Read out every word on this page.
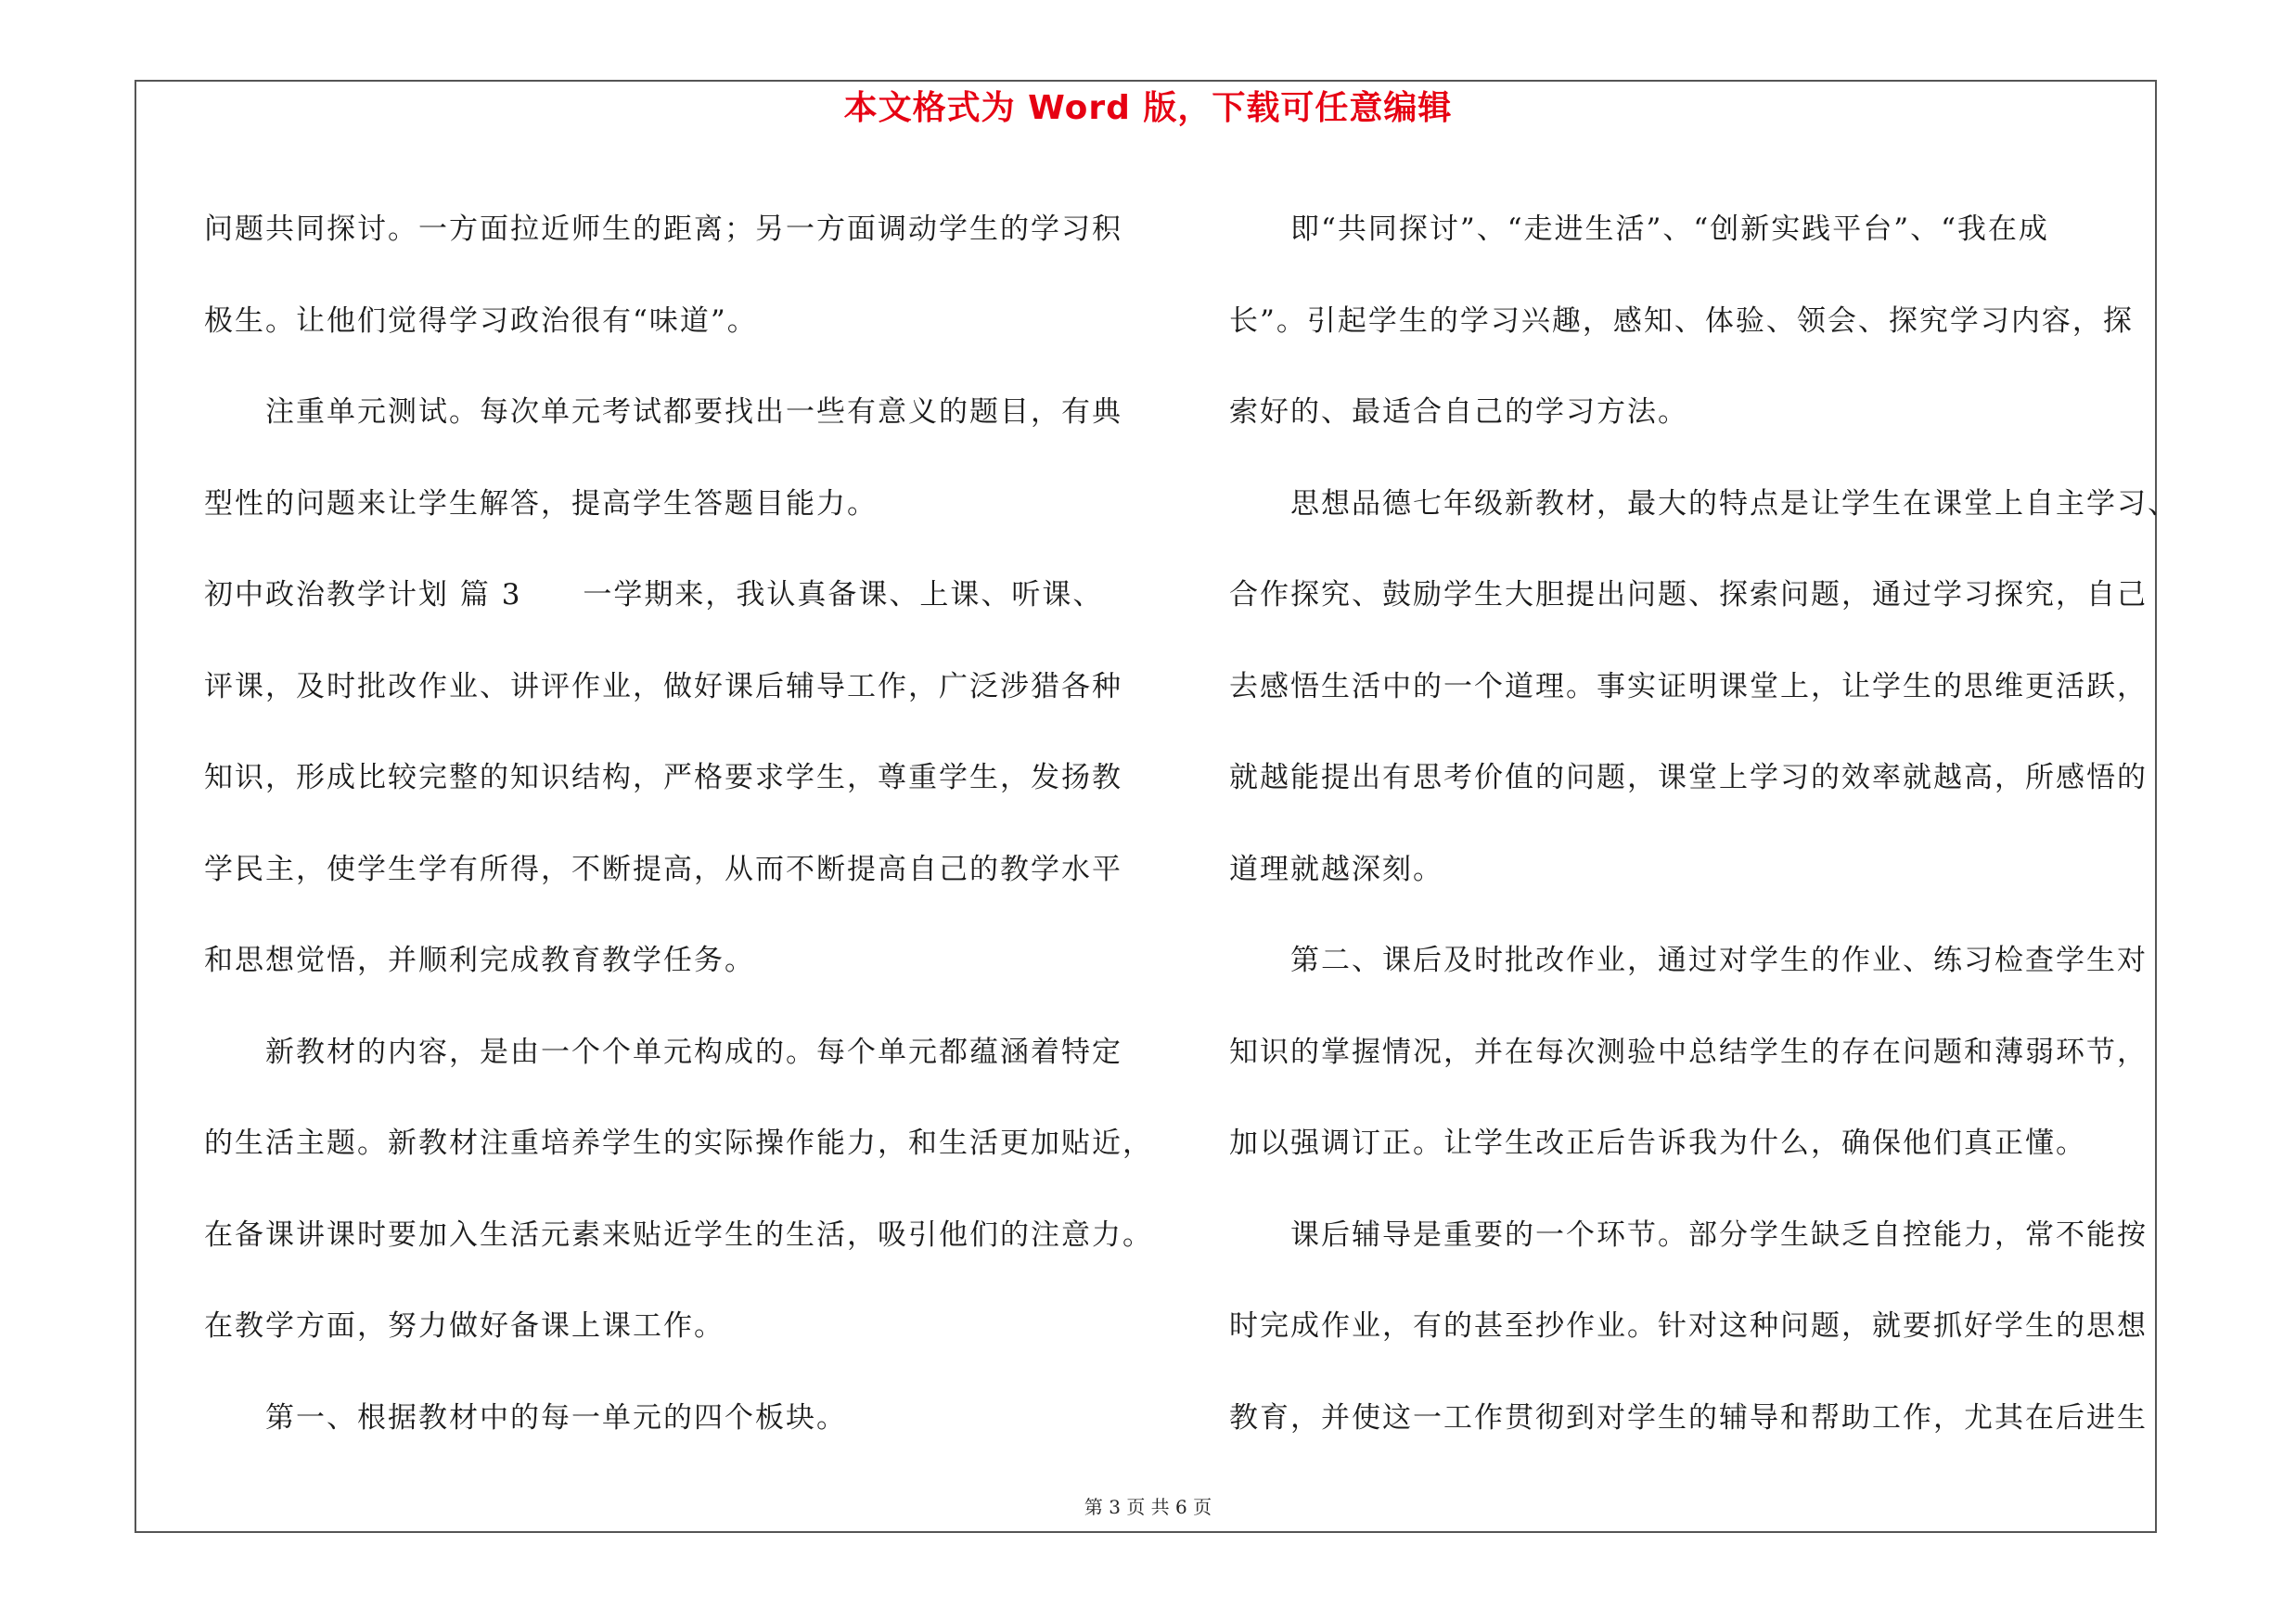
本文格式为 Word 版，下载可任意编辑

问题共同探讨。一方面拉近师生的距离；另一方面调动学生的学习积

极生。让他们觉得学习政治很有“味道”。

　　注重单元测试。每次单元考试都要找出一些有意义的题目，有典

型性的问题来让学生解答，提高学生答题目能力。

初中政治教学计划 篇 3　　一学期来，我认真备课、上课、听课、

评课，及时批改作业、讲评作业，做好课后辅导工作，广泛涉猎各种

知识，形成比较完整的知识结构，严格要求学生，尊重学生，发扬教

学民主，使学生学有所得，不断提高，从而不断提高自己的教学水平

和思想觉悟，并顺利完成教育教学任务。

　　新教材的内容，是由一个个单元构成的。每个单元都蕴涵着特定

的生活主题。新教材注重培养学生的实际操作能力，和生活更加贴近，

在备课讲课时要加入生活元素来贴近学生的生活，吸引他们的注意力。

在教学方面，努力做好备课上课工作。

　　第一、根据教材中的每一单元的四个板块。

　　即“共同探讨”、“走进生活”、“创新实践平台”、“我在成

长”。引起学生的学习兴趣，感知、体验、领会、探究学习内容，探

索好的、最适合自己的学习方法。

　　思想品德七年级新教材，最大的特点是让学生在课堂上自主学习、

合作探究、鼓励学生大胆提出问题、探索问题，通过学习探究，自己

去感悟生活中的一个道理。事实证明课堂上，让学生的思维更活跃，

就越能提出有思考价值的问题，课堂上学习的效率就越高，所感悟的

道理就越深刻。

　　第二、课后及时批改作业，通过对学生的作业、练习检查学生对

知识的掌握情况，并在每次测验中总结学生的存在问题和薄弱环节，

加以强调订正。让学生改正后告诉我为什么，确保他们真正懂。

　　课后辅导是重要的一个环节。部分学生缺乏自控能力，常不能按

时完成作业，有的甚至抄作业。针对这种问题，就要抓好学生的思想

教育，并使这一工作贯彻到对学生的辅导和帮助工作，尤其在后进生

第 3 页 共 6 页
